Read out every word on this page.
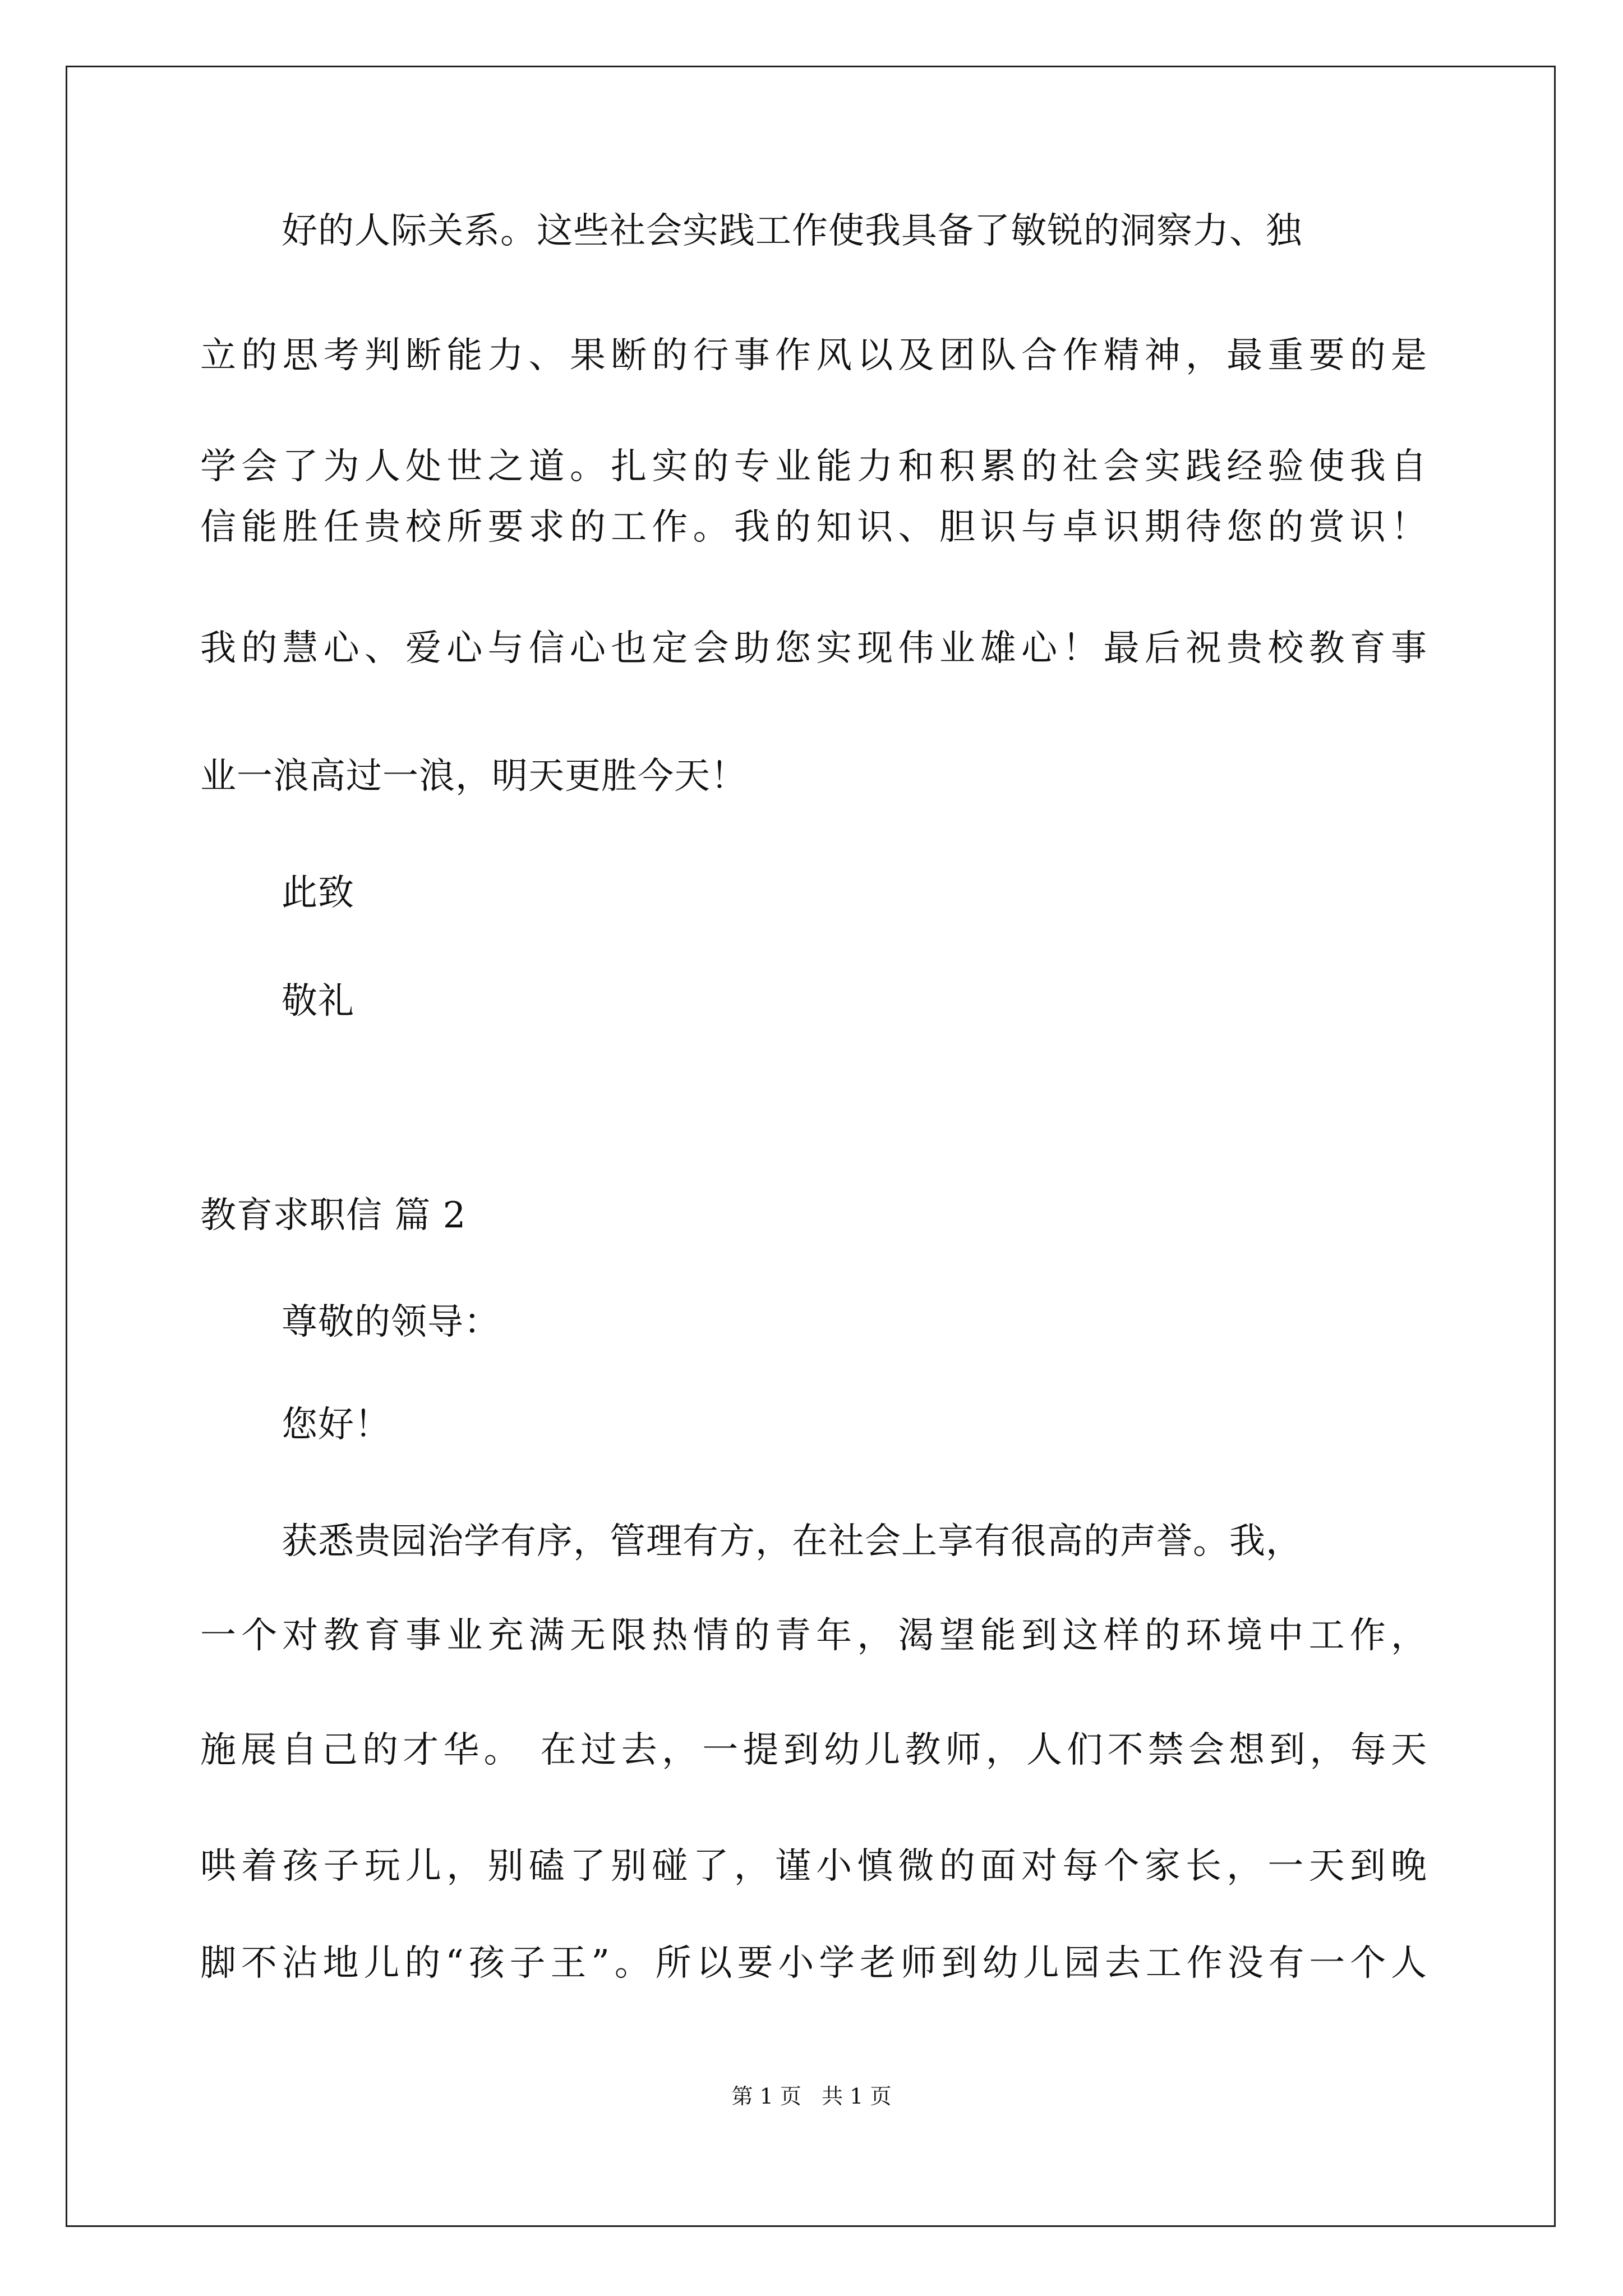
好的人际关系。这些社会实践工作使我具备了敏锐的洞察力、独
立的思考判断能力、果断的行事作风以及团队合作精神，最重要的是
学会了为人处世之道。扎实的专业能力和积累的社会实践经验使我自
信能胜任贵校所要求的工作。我的知识、胆识与卓识期待您的赏识！
我的慧心、爱心与信心也定会助您实现伟业雄心！最后祝贵校教育事
业一浪高过一浪，明天更胜今天！
此致
敬礼
教育求职信 篇 2
尊敬的领导：
您好！
获悉贵园治学有序，管理有方，在社会上享有很高的声誉。我，
一个对教育事业充满无限热情的青年，渴望能到这样的环境中工作，
施展自己的才华。 在过去，一提到幼儿教师，人们不禁会想到，每天
哄着孩子玩儿，别磕了别碰了，谨小慎微的面对每个家长，一天到晚
脚不沾地儿的“孩子王”。所以要小学老师到幼儿园去工作没有一个人
第 1 页   共 1 页
